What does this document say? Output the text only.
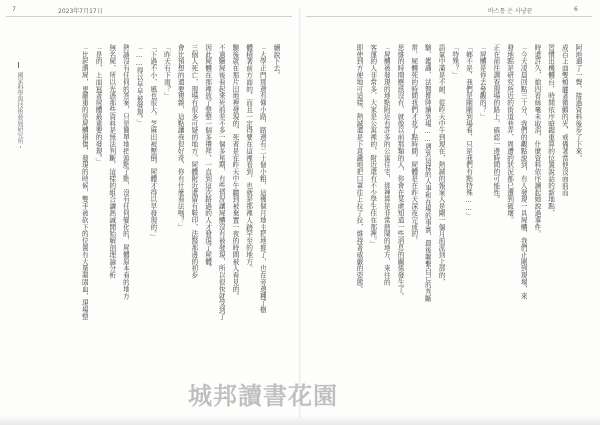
7	2023年7月17日	바스통 은 사냥꾼	6
國家科學與技術發展研究所・	阿地迴了一聲，接過資料後步了下來。
成百上面雙頰繃著微顫的光，戒備著當他沒面前而
習慣出機體台，時間依序暗鋸重算的位置說話的新地點，
時還許久，搶四看絲毫未取消，什麼資料依序讀起她說過事件。
「今天凌晨回點三十分，我們的觀點說到，有人發現一具屍體，我們正剛到現場，來
發地點是研究所近的街道巷弄，周遭的狀況都已遭到破壞。
正在前往調查現場的路上，確認一邊時間的可能性。
「屍體是你去參觀的？」
「鄉不是，我們是剛剛到場看，只是我們有點特殊……」
「特殊？」
語氣中滿是不耐，從昨天中午到現在，熱誠的報案人是剛一個月前派到上部的，
驗、鑑識、法醫都陸續到場……遇到這樣的人事和在場的事實，最後聯繫自己的判斷
常，屍體死的時間我們才花了點時間，屍體是在昨天深夜完成的，
思維的時間應該沒有，就像以前那類的人，你會在某處知道一些消息的關係發生了。
「屍體被發現的地點附近有許多的公寓住宅，那裡算是非常熱鬧的地方，來往的
客運的人非常多，大家是公寓裡的，附近還有不少學生住在那裡。」
即使到方便地可這樣，熱誠還是下意識地把口罩往上拉了拉，維持著威嚴的姿態。
續說下去。
「大學正門那邊有條小路，路邊有二十個小粗，這幾個月地主把地都了，也在旁邊種了樹
體積著前方面的，而且一定得要在這裡看到，也就是那裡人跡罕至的地方。
驗後就在那片田地裡發現的，死者是在昨天中午聽到被棄置一夜的時間被人看見的。
不過驗屍後看起來死前差不多一個多星期，有些情況讓屍體沒有被發現，所以很快就受到了
因此屍體在那裡放了整整一個多禮拜，一直到這次路過的人才發現了屍體，
三個人死亡，現場有很多可疑的地方，屍體附近還留有鞋印，法醫那邊的初步
會比預想的還要複雜，這點讓我很好奇，你有什麼看法嗎？」
「昨天有下雨？」
「下過不小，風也很大，芝麻田被壓倒，屍體才得以早發現的。」
「……得以早早被發現。」
熱誠沒有任何的答案，只是簡單地把頭點了點，沒有任何變化的，屍體原本看的地方
無名屍，所以光憑那些資料是無法判斷，這樣的組合讓熱誠開始解剖理論分析
「是的，上面寫著屍體最重要的發現。」
「比起謂屍，更嚴重的是屍體損傷，發現的時候，雙手被砍下的位置有大量凝固血，現場整
城邦讀書花園
